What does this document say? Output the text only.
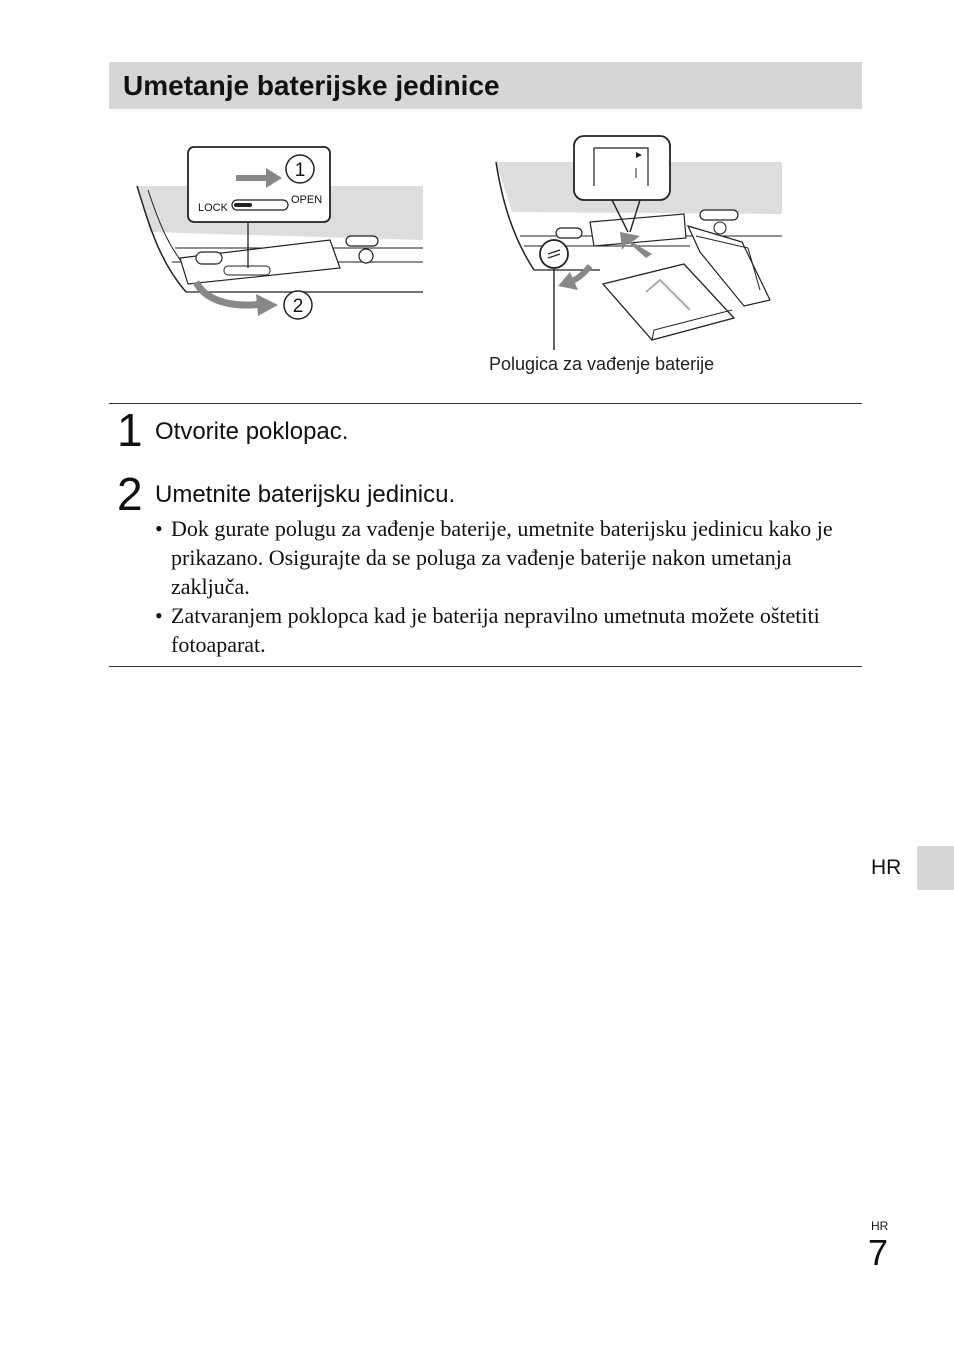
Umetanje baterijske jedinice
LOCK
OPEN
1
2
Polugica za vađenje baterije
1 Otvorite poklopac.
2 Umetnite baterijsku jedinicu.
• Dok gurate polugu za vađenje baterije, umetnite baterijsku jedinicu kako je prikazano. Osigurajte da se poluga za vađenje baterije nakon umetanja zaključa.
• Zatvaranjem poklopca kad je baterija nepravilno umetnuta možete oštetiti fotoaparat.
HR
HR
7
